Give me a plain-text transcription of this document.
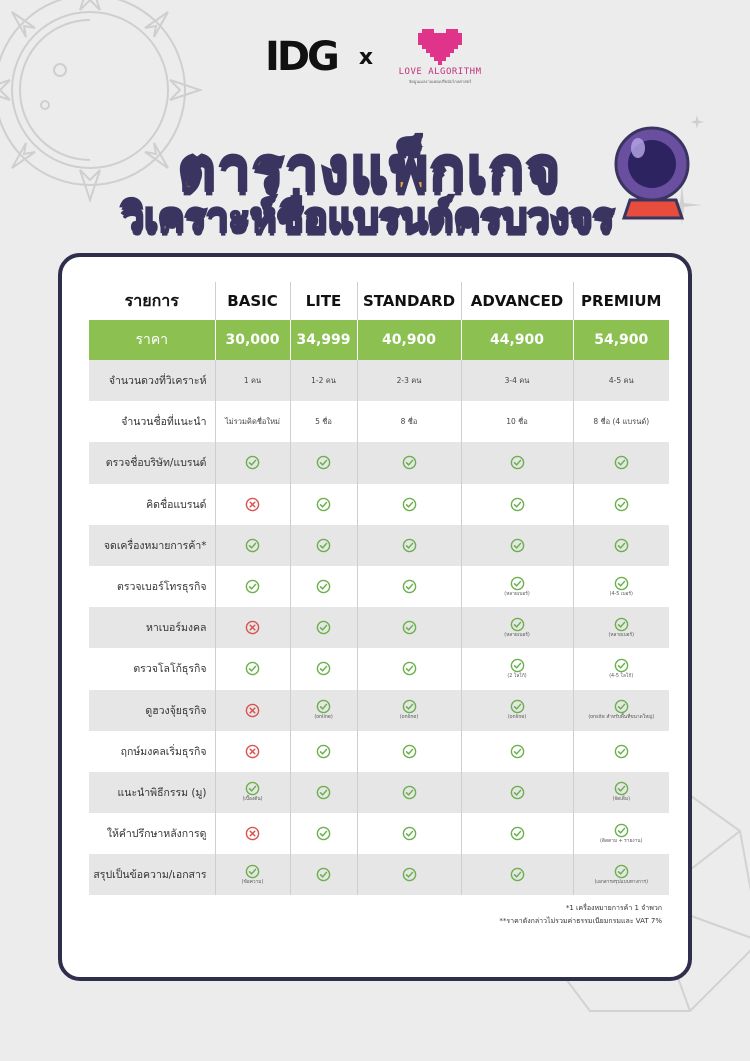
IDG x
LOVE ALGORITHM
จัดอูนเมลงานเพอเปรียนับไกลศาสตร์
ตารางแพ็กเกจ
วิเคราะห์ชื่อแบรนด์ครบวงจร
รายการ	BASIC	LITE	STANDARD	ADVANCED	PREMIUM
ราคา	30,000	34,999	40,900	44,900	54,900
จำนวนดวงที่วิเคราะห์	1 คน	1-2 คน	2-3 คน	3-4 คน	4-5 คน
จำนวนชื่อที่แนะนำ	ไม่รวมคิดชื่อใหม่	5 ชื่อ	8 ชื่อ	10 ชื่อ	8 ชื่อ (4 แบรนด์)
ตรวจชื่อบริษัท/แบรนด์					
คิดชื่อแบรนด์					
จดเครื่องหมายการค้า*					
ตรวจเบอร์โทรธุรกิจ				(หลายเบอร์)	(4-5 เบอร์)

หาเบอร์มงคล				(หลายเบอร์)	(หลายเบอร์)

ตรวจโลโก้ธุรกิจ				(2 โลโก้)	(4-5 โลโก้)

ดูฮวงจุ้ยธุรกิจ		(online)	(online)	(online)	(onsite สำหรับพื้นที่ขนาดใหญ่)

ฤกษ์มงคลเริ่มธุรกิจ					
แนะนำพิธีกรรม (มู)	(เบื้องต้น)				(จัดเต็ม)

ให้คำปรึกษาหลังการดู					(ติดตาม + รายงาน)

สรุปเป็นข้อความ/เอกสาร	(ข้อความ)				(เอกสารสรุปแบบทางการ)
*1 เครื่องหมายการค้า 1 จำพวก
**ราคาดังกล่าวไม่รวมค่าธรรมเนียมกรมและ VAT 7%
